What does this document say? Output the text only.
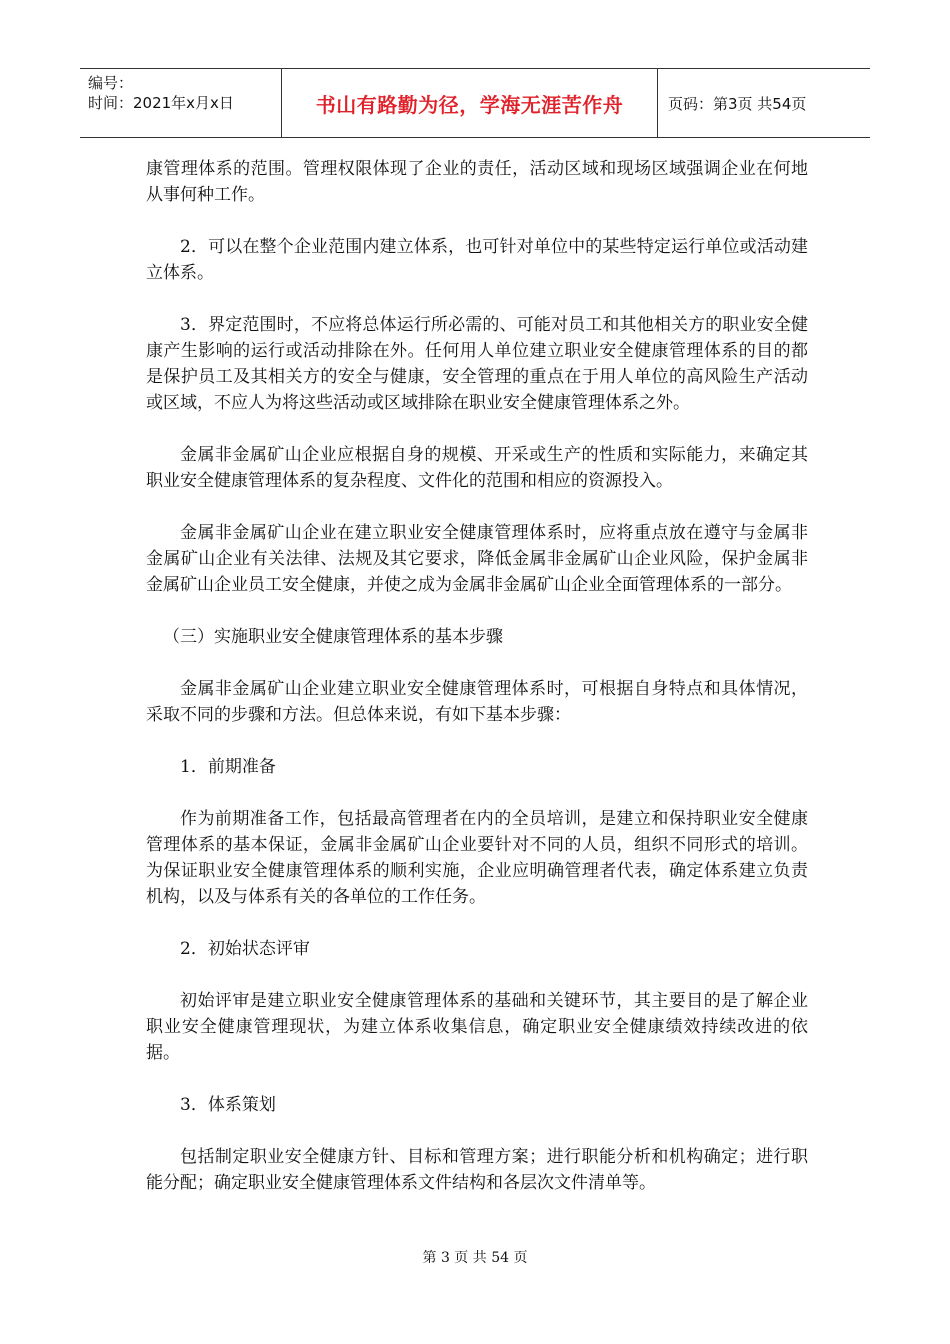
编号：
时间：2021年x月x日	书山有路勤为径，学海无涯苦作舟	页码：第3页 共54页

康管理体系的范围。管理权限体现了企业的责任，活动区域和现场区域强调企业在何地从事何种工作。

2．可以在整个企业范围内建立体系，也可针对单位中的某些特定运行单位或活动建立体系。

3．界定范围时，不应将总体运行所必需的、可能对员工和其他相关方的职业安全健康产生影响的运行或活动排除在外。任何用人单位建立职业安全健康管理体系的目的都是保护员工及其相关方的安全与健康，安全管理的重点在于用人单位的高风险生产活动或区域，不应人为将这些活动或区域排除在职业安全健康管理体系之外。

金属非金属矿山企业应根据自身的规模、开采或生产的性质和实际能力，来确定其职业安全健康管理体系的复杂程度、文件化的范围和相应的资源投入。

金属非金属矿山企业在建立职业安全健康管理体系时，应将重点放在遵守与金属非金属矿山企业有关法律、法规及其它要求，降低金属非金属矿山企业风险，保护金属非金属矿山企业员工安全健康，并使之成为金属非金属矿山企业全面管理体系的一部分。

（三）实施职业安全健康管理体系的基本步骤

金属非金属矿山企业建立职业安全健康管理体系时，可根据自身特点和具体情况，采取不同的步骤和方法。但总体来说，有如下基本步骤：

1．前期准备

作为前期准备工作，包括最高管理者在内的全员培训，是建立和保持职业安全健康管理体系的基本保证，金属非金属矿山企业要针对不同的人员，组织不同形式的培训。为保证职业安全健康管理体系的顺利实施，企业应明确管理者代表，确定体系建立负责机构，以及与体系有关的各单位的工作任务。

2．初始状态评审

初始评审是建立职业安全健康管理体系的基础和关键环节，其主要目的是了解企业职业安全健康管理现状，为建立体系收集信息，确定职业安全健康绩效持续改进的依据。

3．体系策划

包括制定职业安全健康方针、目标和管理方案；进行职能分析和机构确定；进行职能分配；确定职业安全健康管理体系文件结构和各层次文件清单等。

第 3 页 共 54 页
